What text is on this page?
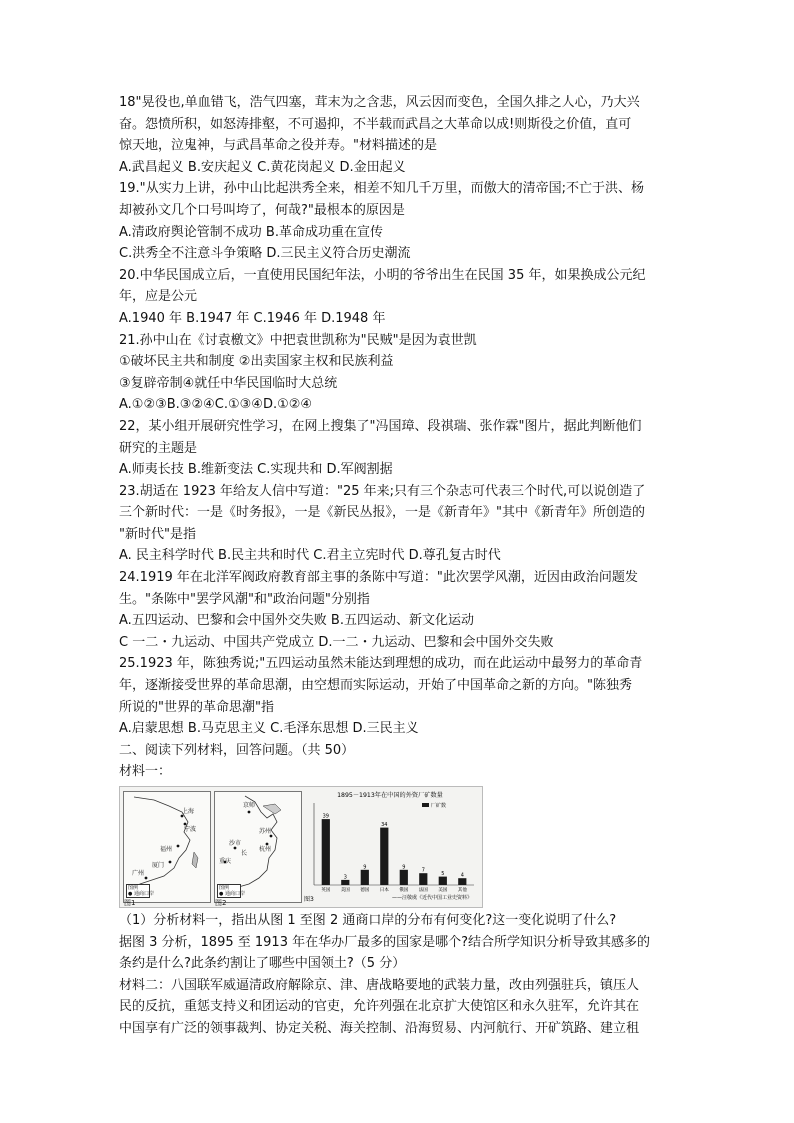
18"晃役也,单血错飞，浩气四塞，茸末为之含悲，风云因而变色，全国久排之人心，乃大兴
奋。怨愤所积，如怒涛排壑，不可遏抑，不半载而武昌之大革命以成!则斯役之价值，直可
惊天地，泣鬼神，与武昌革命之役并寿。"材料描述的是
A.武昌起义 B.安庆起义 C.黄花岗起义 D.金田起义
19."从实力上讲，孙中山比起洪秀全来，相差不知几千万里，而傲大的清帝国;不亡于洪、杨
却被孙文几个口号叫垮了，何哉?"最根本的原因是
A.清政府舆论管制不成功 B.革命成功重在宣传
C.洪秀全不注意斗争策略 D.三民主义符合历史潮流
20.中华民国成立后，一直使用民国纪年法，小明的爷爷出生在民国 35 年，如果换成公元纪
年，应是公元
A.1940 年 B.1947 年 C.1946 年 D.1948 年
21.孙中山在《讨袁檄文》中把袁世凯称为"民贼"是因为袁世凯
①破坏民主共和制度 ②出卖国家主权和民族利益
③复辟帝制④就任中华民国临时大总统
A.①②③B.③②④C.①③④D.①②④
22，某小组开展研究性学习，在网上搜集了"冯国璋、段祺瑞、张作霖"图片，据此判断他们
研究的主题是
A.师夷长技 B.维新变法 C.实现共和 D.军阀割据
23.胡适在 1923 年给友人信中写道："25 年来;只有三个杂志可代表三个时代,可以说创造了
三个新时代：一是《时务报》，一是《新民丛报》，一是《新青年》"其中《新青年》所创造的
"新时代"是指
A. 民主科学时代 B.民主共和时代 C.君主立宪时代 D.尊孔复古时代
24.1919 年在北洋军阀政府教育部主事的条陈中写道："此次罢学风潮，近因由政治问题发
生。"条陈中"罢学风潮"和"政治问题"分别指
A.五四运动、巴黎和会中国外交失败 B.五四运动、新文化运动
C 一二・九运动、中国共产党成立 D.一二・九运动、巴黎和会中国外交失败
25.1923 年，陈独秀说;"五四运动虽然未能达到理想的成功，而在此运动中最努力的革命青
年，逐渐接受世界的革命思潮，由空想而实际运动，开始了中国革命之新的方向。"陈独秀
所说的"世界的革命思潮"指
A.启蒙思想 B.马克思主义 C.毛泽东思想 D.三民主义
二、阅读下列材料，回答问题。（共 50）
材料一：
上海
宁波
福州
厦门
广州
图例
● 通商口岸
图1
京师
苏州
沙市
杭州
重庆
长
图例
● 通商口岸
图2
1895－1913年在中国的外资厂矿数量
厂矿数
39
英国
3
美国
9
德国
34
日本
9
俄国
7
法国
5
美国
4
其他
——汪敬虞《近代中国工业史资料》
图3
（1）分析材料一，指出从图 1 至图 2 通商口岸的分布有何变化?这一变化说明了什么?
据图 3 分析，1895 至 1913 年在华办厂最多的国家是哪个?结合所学知识分析导致其感多的
条约是什么?此条约割让了哪些中国领土?（5 分）
材料二：八国联军威逼清政府解除京、津、唐战略要地的武装力量，改由列强驻兵，镇压人
民的反抗，重惩支持义和团运动的官吏，允许列强在北京扩大使馆区和永久驻军，允许其在
中国享有广泛的领事裁判、协定关税、海关控制、沿海贸易、内河航行、开矿筑路、建立租
